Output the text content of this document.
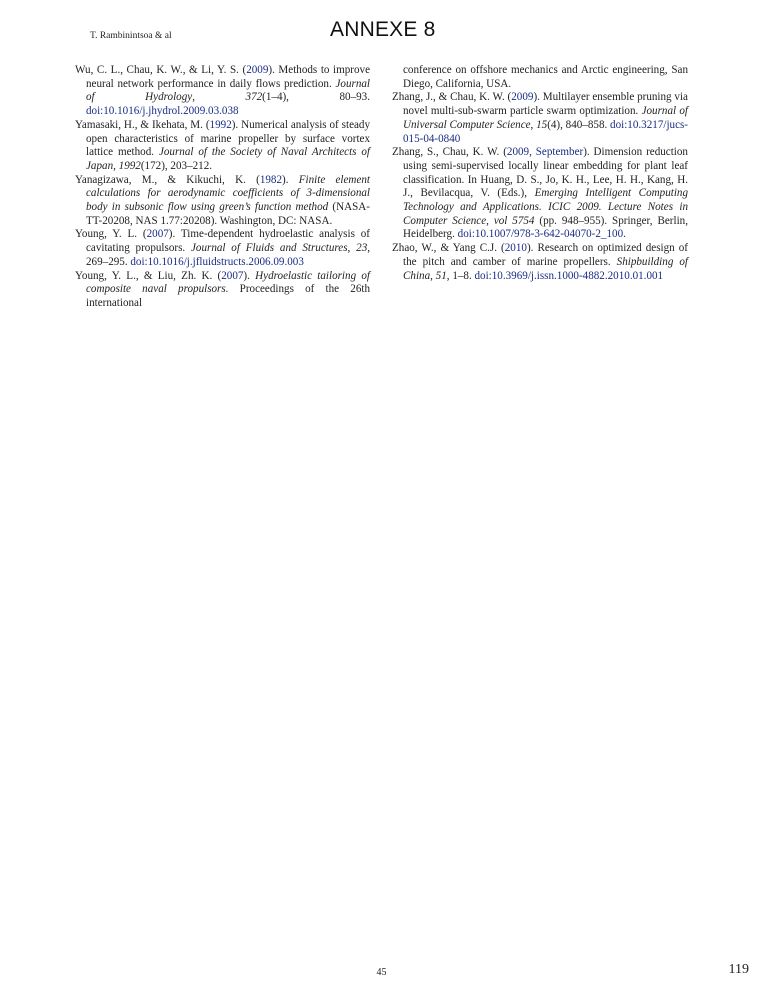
T. Rambinintsoa & al	ANNEXE 8

Wu, C. L., Chau, K. W., & Li, Y. S. (2009). Methods to improve neural network performance in daily flows prediction. Journal of Hydrology, 372(1–4), 80–93. doi:10.1016/j.jhydrol.2009.03.038

Yamasaki, H., & Ikehata, M. (1992). Numerical analysis of steady open characteristics of marine propeller by surface vortex lattice method. Journal of the Society of Naval Architects of Japan, 1992(172), 203–212.

Yanagizawa, M., & Kikuchi, K. (1982). Finite element calculations for aerodynamic coefficients of 3-dimensional body in subsonic flow using green’s function method (NASA-TT-20208, NAS 1.77:20208). Washington, DC: NASA.

Young, Y. L. (2007). Time-dependent hydroelastic analysis of cavitating propulsors. Journal of Fluids and Structures, 23, 269–295. doi:10.1016/j.jfluidstructs.2006.09.003

Young, Y. L., & Liu, Zh. K. (2007). Hydroelastic tailoring of composite naval propulsors. Proceedings of the 26th international

conference on offshore mechanics and Arctic engineering, San Diego, California, USA.

Zhang, J., & Chau, K. W. (2009). Multilayer ensemble pruning via novel multi-sub-swarm particle swarm optimization. Journal of Universal Computer Science, 15(4), 840–858. doi:10.3217/jucs-015-04-0840

Zhang, S., Chau, K. W. (2009, September). Dimension reduction using semi-supervised locally linear embedding for plant leaf classification. In Huang, D. S., Jo, K. H., Lee, H. H., Kang, H. J., Bevilacqua, V. (Eds.), Emerging Intelligent Computing Technology and Applications. ICIC 2009. Lecture Notes in Computer Science, vol 5754 (pp. 948–955). Springer, Berlin, Heidelberg. doi:10.1007/978-3-642-04070-2_100.

Zhao, W., & Yang C.J. (2010). Research on optimized design of the pitch and camber of marine propellers. Shipbuilding of China, 51, 1–8. doi:10.3969/j.issn.1000-4882.2010.01.001

45	119
